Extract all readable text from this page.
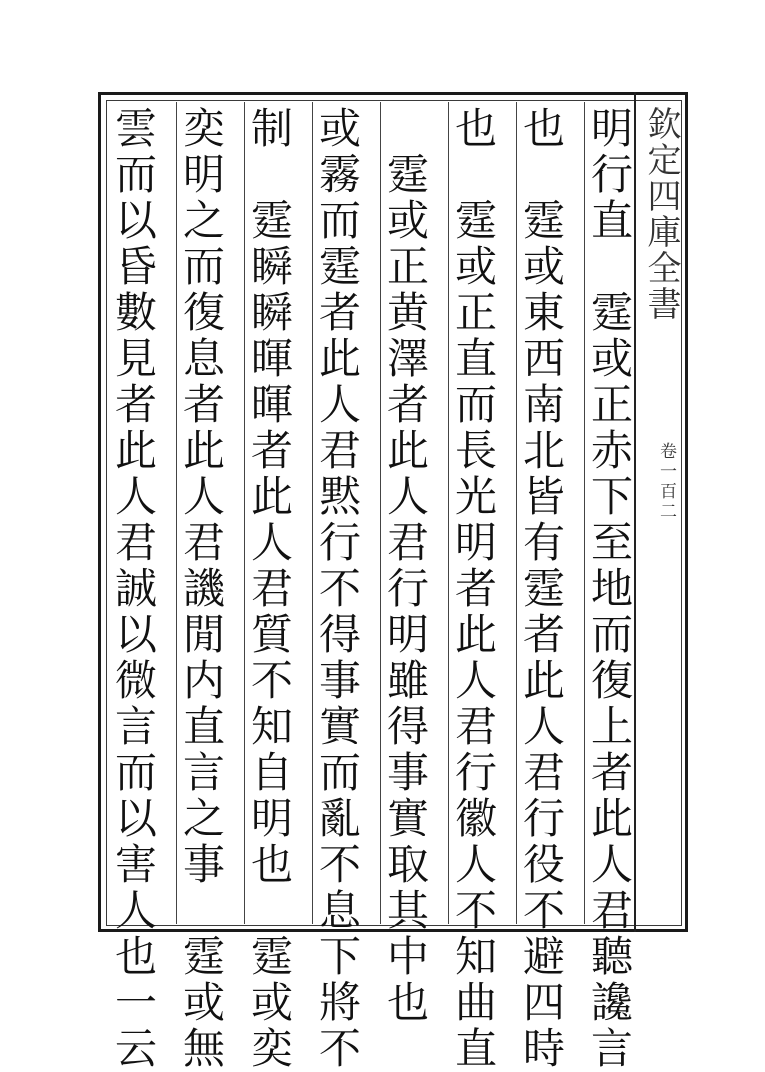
欽定四庫全書
卷一百二
明行直　霆或正赤下至地而復上者此人君聽讒言
也　霆或東西南北皆有霆者此人君行役不避四時
也　霆或正直而長光明者此人君行徽人不知曲直
　霆或正黄澤者此人君行明雖得事實取其中也
或霧而霆者此人君黙行不得事實而亂不息下將不
制　霆瞬瞬暉暉者此人君質不知自明也　霆或奕
奕明之而復息者此人君譏閒内直言之事　霆或無
雲而以昏數見者此人君誠以微言而以害人也一云
